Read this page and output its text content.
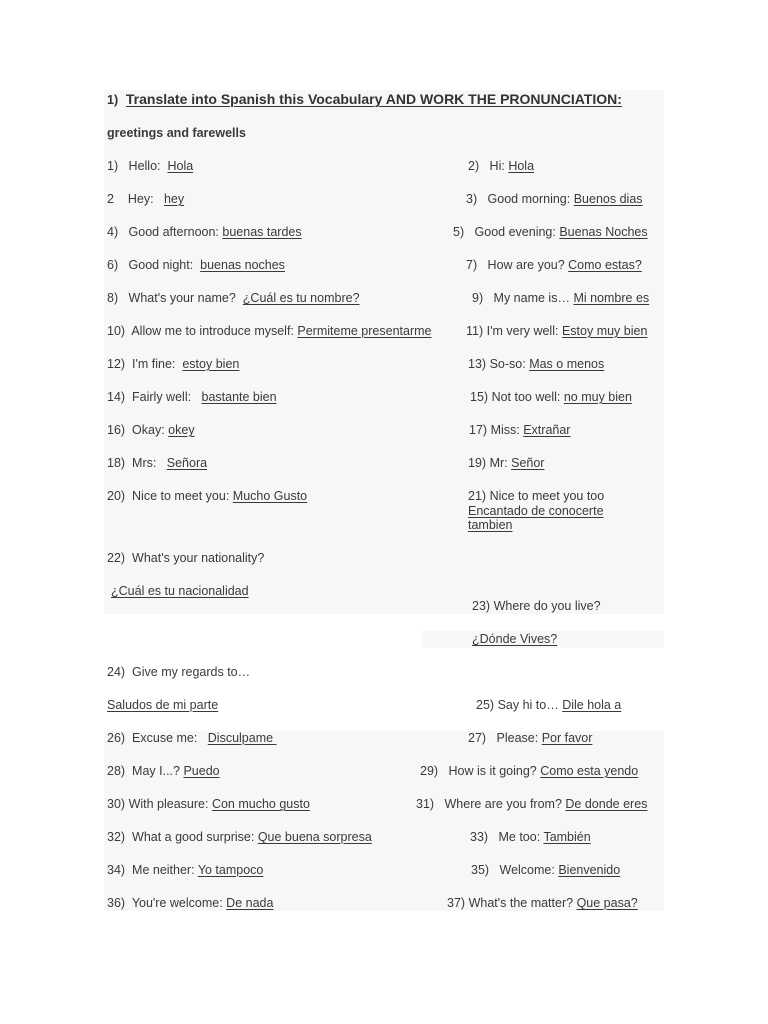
1) Translate into Spanish this Vocabulary AND WORK THE PRONUNCIATION:
greetings and farewells
1) Hello: Hola	2) Hi: Hola
2 Hey: hey	3) Good morning: Buenos dias
4) Good afternoon: buenas tardes	5) Good evening: Buenas Noches
6) Good night: buenas noches	7) How are you? Como estas?
8) What's your name? ¿Cuál es tu nombre?	9) My name is… Mi nombre es
10) Allow me to introduce myself: Permiteme presentarme	11) I'm very well: Estoy muy bien
12) I'm fine: estoy bien	13) So-so: Mas o menos
14) Fairly well: bastante bien	15) Not too well: no muy bien
16) Okay: okey	17) Miss: Extrañar
18) Mrs: Señora	19) Mr: Señor
20) Nice to meet you: Mucho Gusto	21) Nice to meet you too
Encantado de conocerte
tambien
22) What's your nationality?
¿Cuál es tu nacionalidad
23) Where do you live?
¿Dónde Vives?
24) Give my regards to…
Saludos de mi parte	25) Say hi to… Dile hola a
26) Excuse me: Disculpame	27) Please: Por favor
28) May I...? Puedo	29) How is it going? Como esta yendo
30) With pleasure: Con mucho gusto	31) Where are you from? De donde eres
32) What a good surprise: Que buena sorpresa	33) Me too: También
34) Me neither: Yo tampoco	35) Welcome: Bienvenido
36) You're welcome: De nada	37) What's the matter? Que pasa?
